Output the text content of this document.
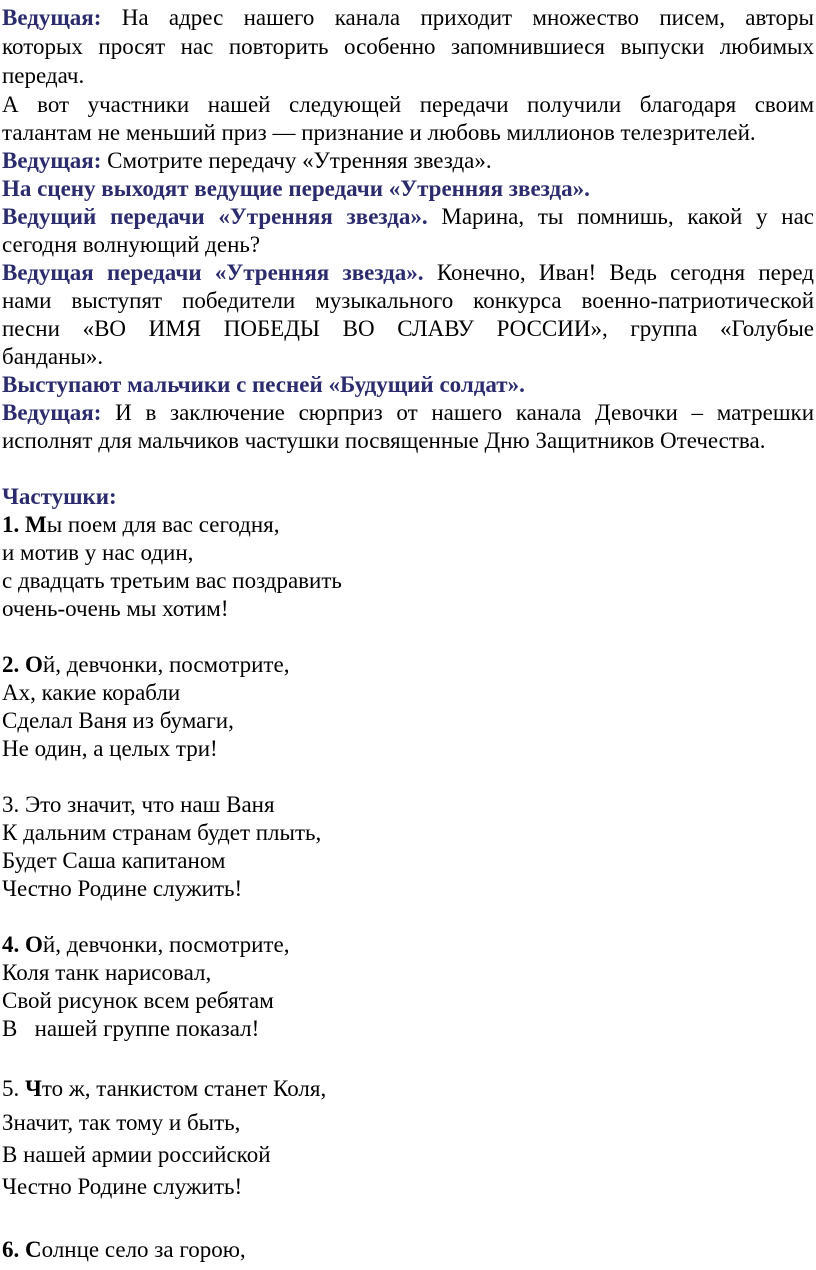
Ведущая: На адрес нашего канала приходит множество писем, авторы
которых просят нас повторить особенно запомнившиеся выпуски любимых
передач.
А вот участники нашей следующей передачи получили благодаря своим
талантам не меньший приз — признание и любовь миллионов телезрителей.
Ведущая: Смотрите передачу «Утренняя звезда».
На сцену выходят ведущие передачи «Утренняя звезда».
Ведущий передачи «Утренняя звезда». Марина, ты помнишь, какой у нас
сегодня волнующий день?
Ведущая передачи «Утренняя звезда». Конечно, Иван! Ведь сегодня перед
нами выступят победители музыкального конкурса военно-патриотической
песни «ВО ИМЯ ПОБЕДЫ ВО СЛАВУ РОССИИ», группа «Голубые
банданы».
Выступают мальчики с песней «Будущий солдат».
Ведущая: И в заключение сюрприз от нашего канала Девочки – матрешки
исполнят для мальчиков частушки посвященные Дню Защитников Отечества.
Частушки:
1. Мы поем для вас сегодня,
и мотив у нас один,
с двадцать третьим вас поздравить
очень-очень мы хотим!
2. Ой, девчонки, посмотрите,
Ах, какие корабли
Сделал Ваня из бумаги,
Не один, а целых три!
3. Это значит, что наш Ваня
К дальним странам будет плыть,
Будет Саша капитаном
Честно Родине служить!
4. Ой, девчонки, посмотрите,
Коля танк нарисовал,
Свой рисунок всем ребятам
В   нашей группе показал!
5. Что ж, танкистом станет Коля,
Значит, так тому и быть,
В нашей армии российской
Честно Родине служить!
6. Солнце село за горою,
